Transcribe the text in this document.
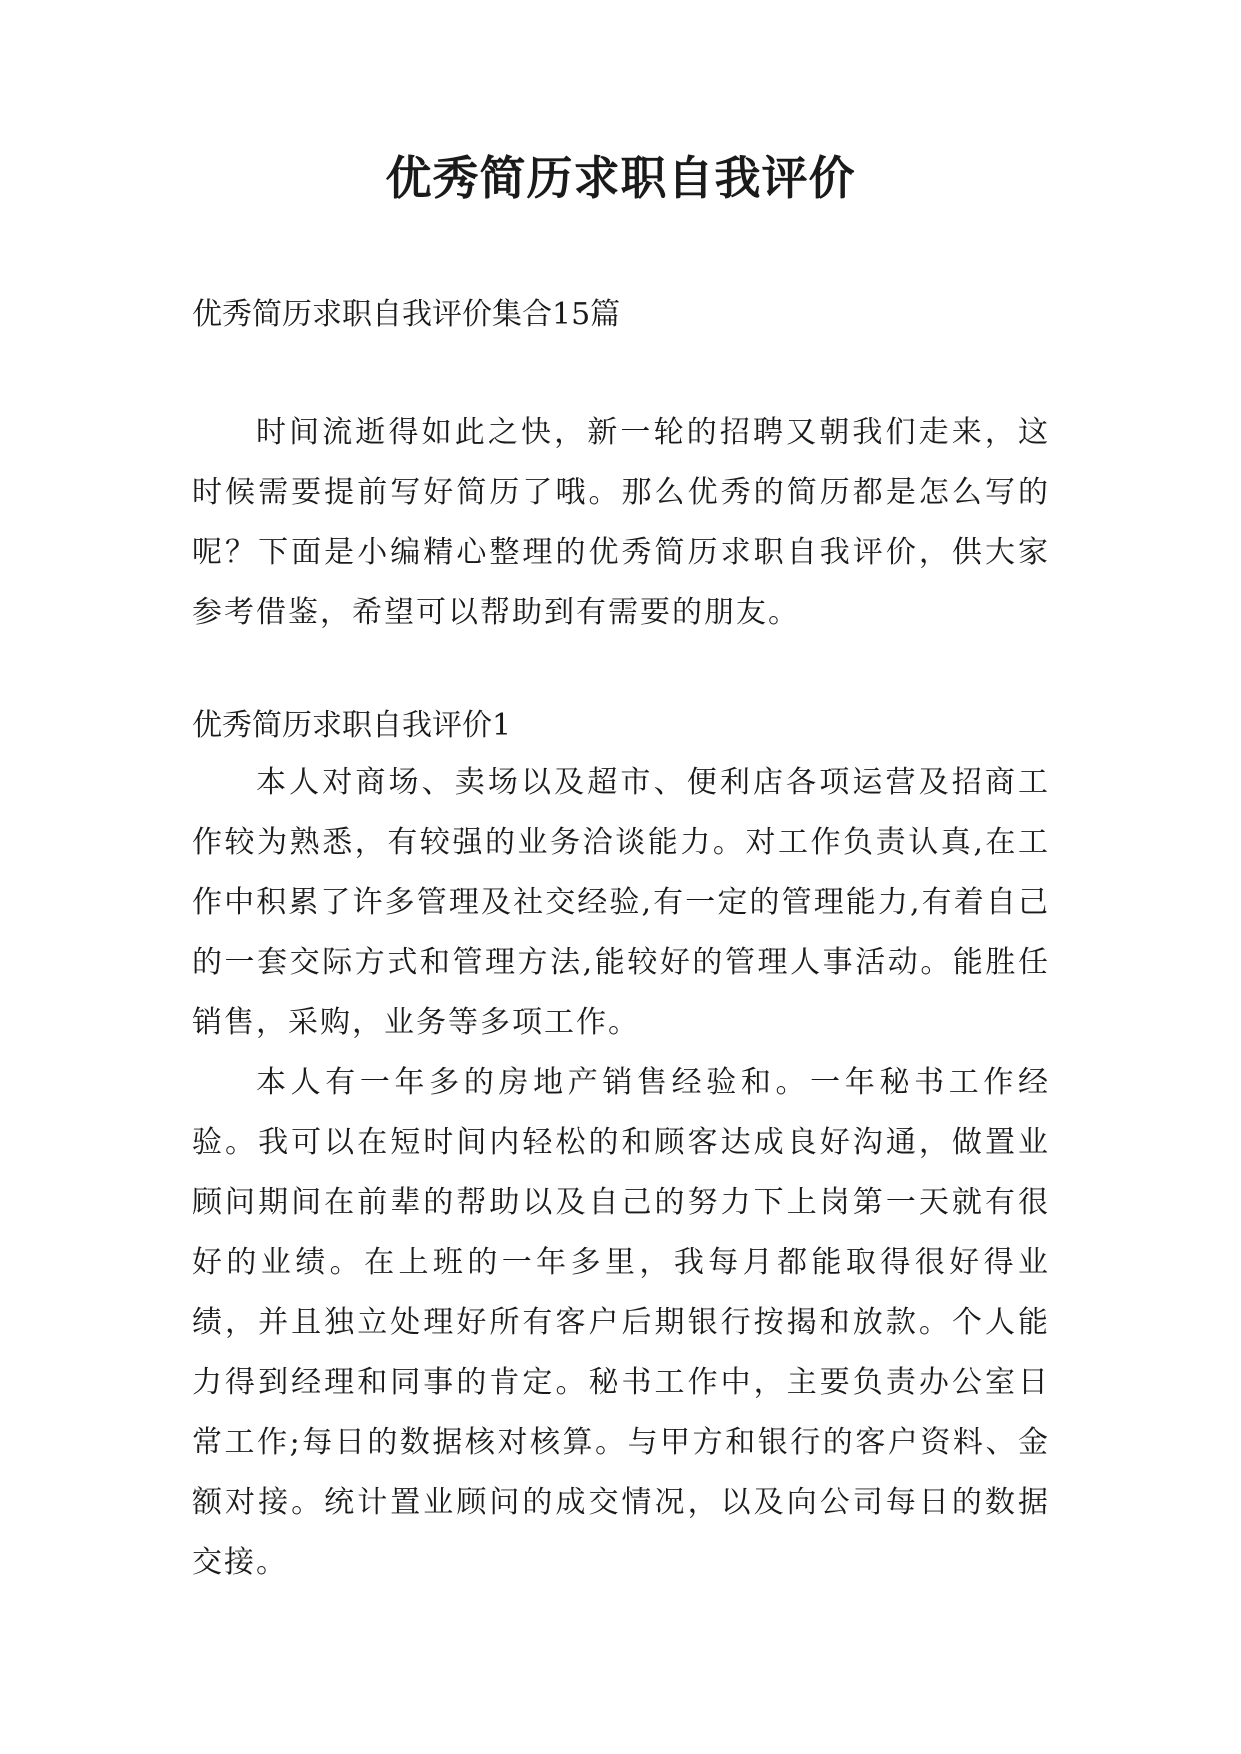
优秀简历求职自我评价

优秀简历求职自我评价集合15篇

时间流逝得如此之快，新一轮的招聘又朝我们走来，这时候需要提前写好简历了哦。那么优秀的简历都是怎么写的呢？下面是小编精心整理的优秀简历求职自我评价，供大家参考借鉴，希望可以帮助到有需要的朋友。

优秀简历求职自我评价1

本人对商场、卖场以及超市、便利店各项运营及招商工作较为熟悉，有较强的业务洽谈能力。对工作负责认真,在工作中积累了许多管理及社交经验,有一定的管理能力,有着自己的一套交际方式和管理方法,能较好的管理人事活动。能胜任销售，采购，业务等多项工作。

本人有一年多的房地产销售经验和。一年秘书工作经验。我可以在短时间内轻松的和顾客达成良好沟通，做置业顾问期间在前辈的帮助以及自己的努力下上岗第一天就有很好的业绩。在上班的一年多里，我每月都能取得很好得业绩，并且独立处理好所有客户后期银行按揭和放款。个人能力得到经理和同事的肯定。秘书工作中，主要负责办公室日常工作;每日的数据核对核算。与甲方和银行的客户资料、金额对接。统计置业顾问的成交情况，以及向公司每日的数据交接。
